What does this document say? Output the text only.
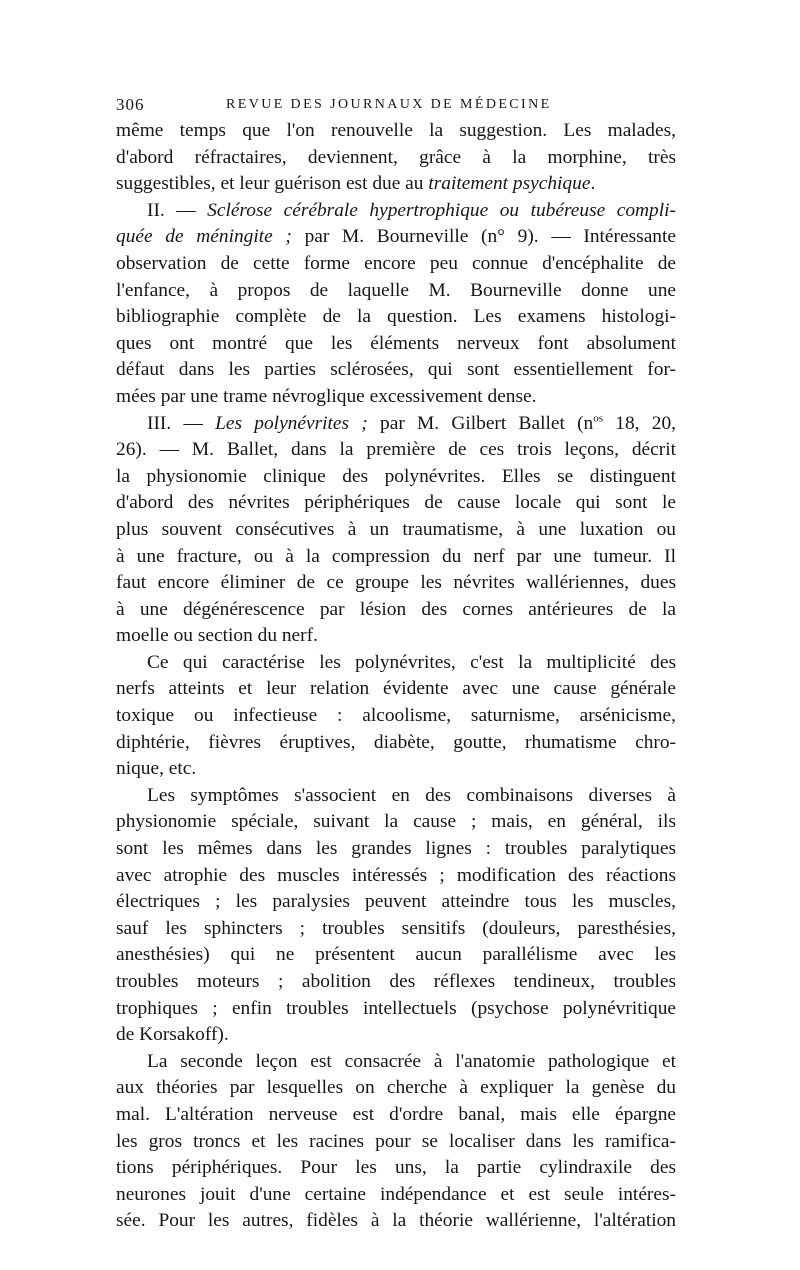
306	REVUE DES JOURNAUX DE MÉDECINE
même temps que l'on renouvelle la suggestion. Les malades,
d'abord réfractaires, deviennent, grâce à la morphine, très
suggestibles, et leur guérison est due au traitement psychique.
II. — Sclérose cérébrale hypertrophique ou tubéreuse compli-
quée de méningite ; par M. Bourneville (n° 9). — Intéressante
observation de cette forme encore peu connue d'encéphalite de
l'enfance, à propos de laquelle M. Bourneville donne une
bibliographie complète de la question. Les examens histologi-
ques ont montré que les éléments nerveux font absolument
défaut dans les parties sclérosées, qui sont essentiellement for-
mées par une trame névroglique excessivement dense.
III. — Les polynévrites ; par M. Gilbert Ballet ($n^{os}$ 18, 20,
26). — M. Ballet, dans la première de ces trois leçons, décrit
la physionomie clinique des polynévrites. Elles se distinguent
d'abord des névrites périphériques de cause locale qui sont le
plus souvent consécutives à un traumatisme, à une luxation ou
à une fracture, ou à la compression du nerf par une tumeur. Il
faut encore éliminer de ce groupe les névrites wallériennes, dues
à une dégénérescence par lésion des cornes antérieures de la
moelle ou section du nerf.
Ce qui caractérise les polynévrites, c'est la multiplicité des
nerfs atteints et leur relation évidente avec une cause générale
toxique ou infectieuse : alcoolisme, saturnisme, arsénicisme,
diphtérie, fièvres éruptives, diabète, goutte, rhumatisme chro-
nique, etc.
Les symptômes s'associent en des combinaisons diverses à
physionomie spéciale, suivant la cause ; mais, en général, ils
sont les mêmes dans les grandes lignes : troubles paralytiques
avec atrophie des muscles intéressés ; modification des réactions
électriques ; les paralysies peuvent atteindre tous les muscles,
sauf les sphincters ; troubles sensitifs (douleurs, paresthésies,
anesthésies) qui ne présentent aucun parallélisme avec les
troubles moteurs ; abolition des réflexes tendineux, troubles
trophiques ; enfin troubles intellectuels (psychose polynévritique
de Korsakoff).
La seconde leçon est consacrée à l'anatomie pathologique et
aux théories par lesquelles on cherche à expliquer la genèse du
mal. L'altération nerveuse est d'ordre banal, mais elle épargne
les gros troncs et les racines pour se localiser dans les ramifica-
tions périphériques. Pour les uns, la partie cylindraxile des
neurones jouit d'une certaine indépendance et est seule intéres-
sée. Pour les autres, fidèles à la théorie wallérienne, l'altération
